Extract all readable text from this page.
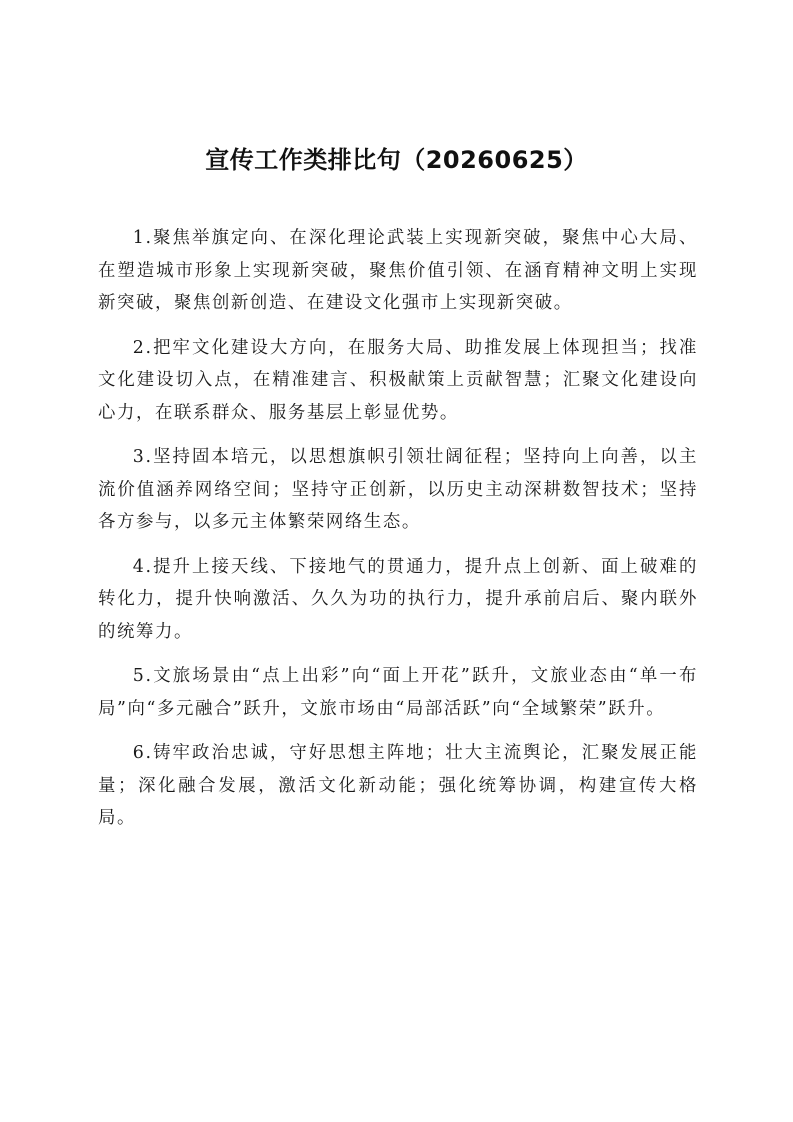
宣传工作类排比句（20260625）

1.聚焦举旗定向、在深化理论武装上实现新突破，聚焦中心大局、在塑造城市形象上实现新突破，聚焦价值引领、在涵育精神文明上实现新突破，聚焦创新创造、在建设文化强市上实现新突破。

2.把牢文化建设大方向，在服务大局、助推发展上体现担当；找准文化建设切入点，在精准建言、积极献策上贡献智慧；汇聚文化建设向心力，在联系群众、服务基层上彰显优势。

3.坚持固本培元，以思想旗帜引领壮阔征程；坚持向上向善，以主流价值涵养网络空间；坚持守正创新，以历史主动深耕数智技术；坚持各方参与，以多元主体繁荣网络生态。

4.提升上接天线、下接地气的贯通力，提升点上创新、面上破难的转化力，提升快响激活、久久为功的执行力，提升承前启后、聚内联外的统筹力。

5.文旅场景由“点上出彩”向“面上开花”跃升，文旅业态由“单一布局”向“多元融合”跃升，文旅市场由“局部活跃”向“全域繁荣”跃升。

6.铸牢政治忠诚，守好思想主阵地；壮大主流舆论，汇聚发展正能量；深化融合发展，激活文化新动能；强化统筹协调，构建宣传大格局。
